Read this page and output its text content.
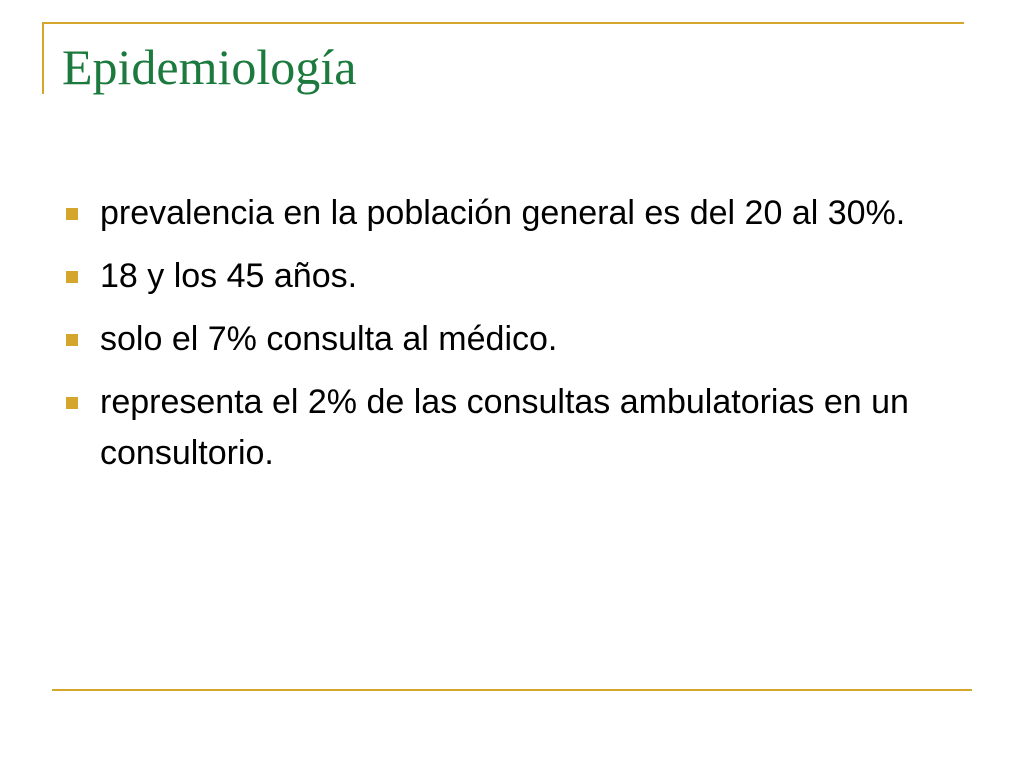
Epidemiología
prevalencia en la población general es del 20 al 30%.
18 y los 45 años.
solo el 7% consulta al médico.
representa el 2% de las consultas ambulatorias en un consultorio.
